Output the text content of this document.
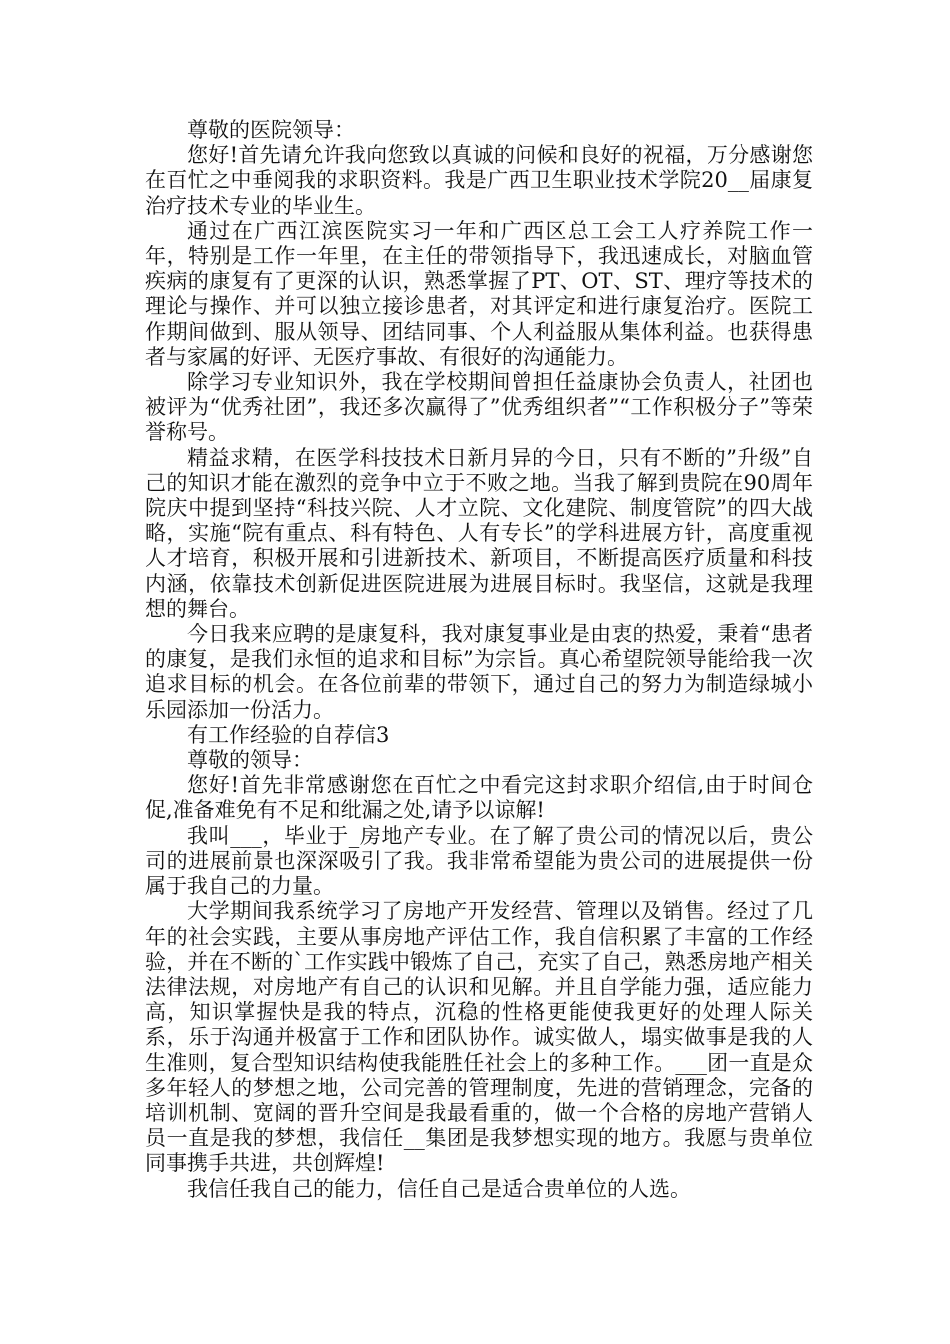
尊敬的医院领导：

您好!首先请允许我向您致以真诚的问候和良好的祝福，万分感谢您在百忙之中垂阅我的求职资料。我是广西卫生职业技术学院20__届康复治疗技术专业的毕业生。

通过在广西江滨医院实习一年和广西区总工会工人疗养院工作一年，特别是工作一年里，在主任的带领指导下，我迅速成长，对脑血管疾病的康复有了更深的认识，熟悉掌握了PT、OT、ST、理疗等技术的理论与操作、并可以独立接诊患者，对其评定和进行康复治疗。医院工作期间做到、服从领导、团结同事、个人利益服从集体利益。也获得患者与家属的好评、无医疗事故、有很好的沟通能力。

除学习专业知识外，我在学校期间曾担任益康协会负责人，社团也被评为“优秀社团”，我还多次赢得了”优秀组织者”“工作积极分子”等荣誉称号。

精益求精，在医学科技技术日新月异的今日，只有不断的”升级”自己的知识才能在激烈的竞争中立于不败之地。当我了解到贵院在90周年院庆中提到坚持“科技兴院、人才立院、文化建院、制度管院”的四大战略，实施“院有重点、科有特色、人有专长”的学科进展方针，高度重视人才培育，积极开展和引进新技术、新项目，不断提高医疗质量和科技内涵，依靠技术创新促进医院进展为进展目标时。我坚信，这就是我理想的舞台。

今日我来应聘的是康复科，我对康复事业是由衷的热爱，秉着“患者的康复，是我们永恒的追求和目标”为宗旨。真心希望院领导能给我一次追求目标的机会。在各位前辈的带领下，通过自己的努力为制造绿城小乐园添加一份活力。

有工作经验的自荐信3

尊敬的领导：

您好!首先非常感谢您在百忙之中看完这封求职介绍信,由于时间仓促,准备难免有不足和纰漏之处,请予以谅解!

我叫___，毕业于_房地产专业。在了解了贵公司的情况以后，贵公司的进展前景也深深吸引了我。我非常希望能为贵公司的进展提供一份属于我自己的力量。

大学期间我系统学习了房地产开发经营、管理以及销售。经过了几年的社会实践，主要从事房地产评估工作，我自信积累了丰富的工作经验，并在不断的`工作实践中锻炼了自己，充实了自己，熟悉房地产相关法律法规，对房地产有自己的认识和见解。并且自学能力强，适应能力高，知识掌握快是我的特点，沉稳的性格更能使我更好的处理人际关系，乐于沟通并极富于工作和团队协作。诚实做人，塌实做事是我的人生准则，复合型知识结构使我能胜任社会上的多种工作。___团一直是众多年轻人的梦想之地，公司完善的管理制度，先进的营销理念，完备的培训机制、宽阔的晋升空间是我最看重的，做一个合格的房地产营销人员一直是我的梦想，我信任__集团是我梦想实现的地方。我愿与贵单位同事携手共进，共创辉煌!

我信任我自己的能力，信任自己是适合贵单位的人选。
